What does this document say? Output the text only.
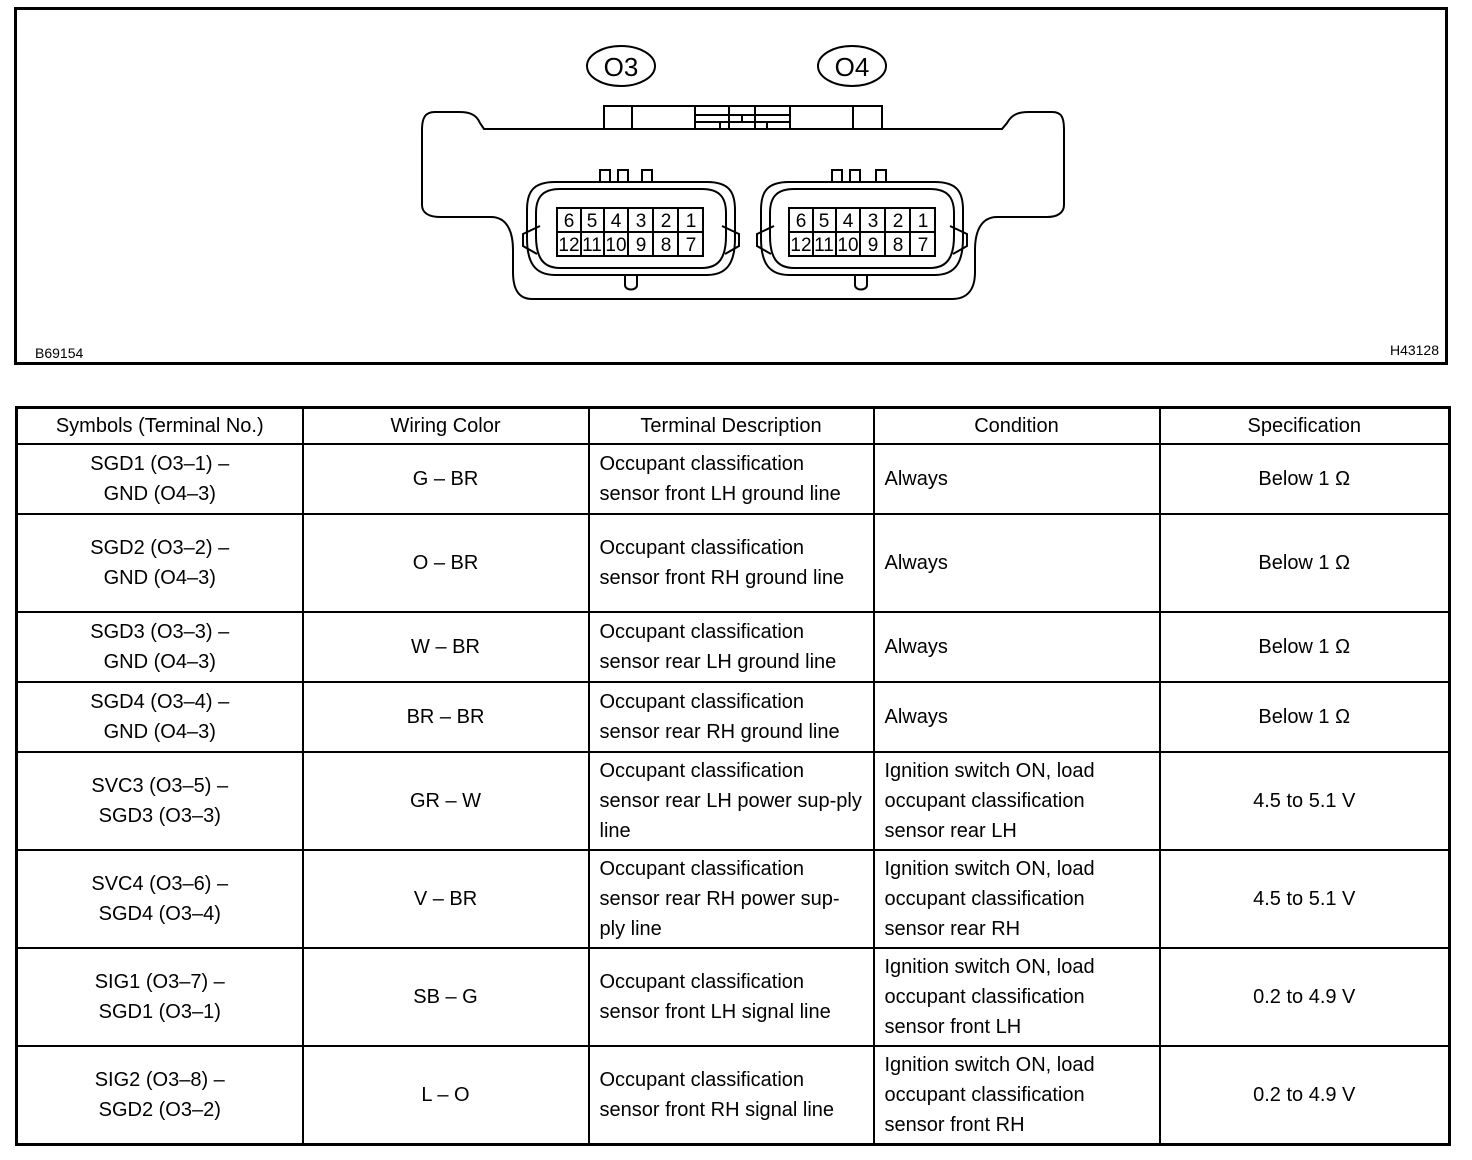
O3	O4
6 5 4 3 2 1
12 11 10 9 8 7
6 5 4 3 2 1
12 11 10 9 8 7
B69154	H43128
Symbols (Terminal No.)	Wiring Color	Terminal Description	Condition	Specification

SGD1 (O3–1) –
GND (O4–3)	G – BR	Occupant classification sensor front LH ground line	Always	Below 1 Ω

SGD2 (O3–2) –
GND (O4–3)	O – BR	Occupant classification sensor front RH ground line	Always	Below 1 Ω

SGD3 (O3–3) –
GND (O4–3)	W – BR	Occupant classification sensor rear LH ground line	Always	Below 1 Ω

SGD4 (O3–4) –
GND (O4–3)	BR – BR	Occupant classification sensor rear RH ground line	Always	Below 1 Ω

SVC3 (O3–5) –
SGD3 (O3–3)	GR – W	Occupant classification sensor rear LH power sup-ply line	Ignition switch ON, load occupant classification sensor rear LH	4.5 to 5.1 V

SVC4 (O3–6) –
SGD4 (O3–4)	V – BR	Occupant classification sensor rear RH power sup-ply line	Ignition switch ON, load occupant classification sensor rear RH	4.5 to 5.1 V

SIG1 (O3–7) –
SGD1 (O3–1)	SB – G	Occupant classification sensor front LH signal line	Ignition switch ON, load occupant classification sensor front LH	0.2 to 4.9 V

SIG2 (O3–8) –
SGD2 (O3–2)	L – O	Occupant classification sensor front RH signal line	Ignition switch ON, load occupant classification sensor front RH	0.2 to 4.9 V
